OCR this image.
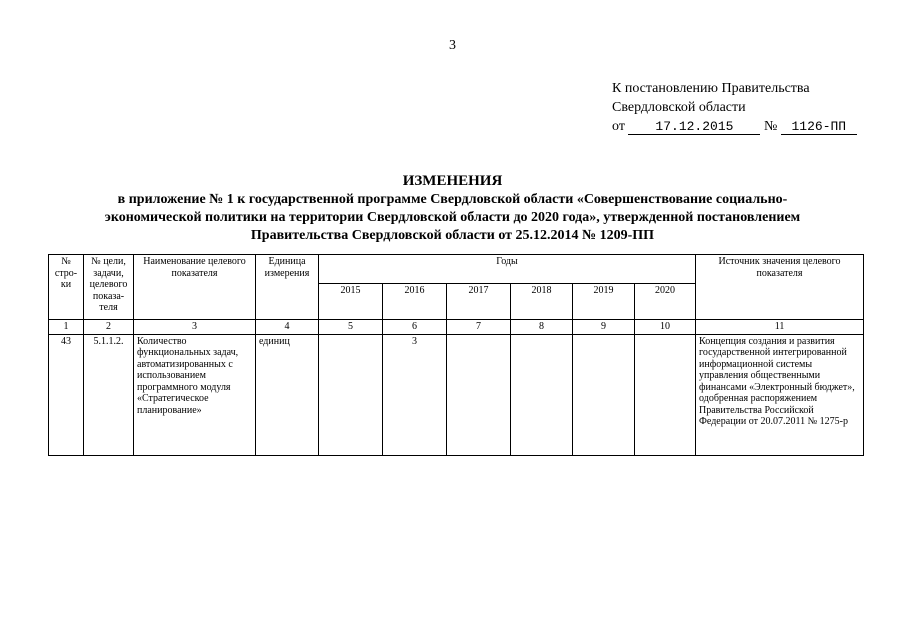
3
К постановлению Правительства
Свердловской области
от 17.12.2015 № 1126-ПП
ИЗМЕНЕНИЯ
в приложение № 1 к государственной программе Свердловской области «Совершенствование социально-
экономической политики на территории Свердловской области до 2020 года», утвержденной постановлением
Правительства Свердловской области от 25.12.2014 № 1209-ПП
№ стро-ки	№ цели, задачи, целевого показа-теля	Наименование целевого показателя	Единица измерения	Годы						Источник значения целевого показателя
				2015	2016	2017	2018	2019	2020	
1	2	3	4	5	6	7	8	9	10	11
43	5.1.1.2.	Количество функциональных задач, автоматизированных с использованием программного модуля «Стратегическое планирование»	единиц		3					Концепция создания и развития государственной интегрированной информационной системы управления общественными финансами «Электронный бюджет», одобренная распоряжением Правительства Российской Федерации от 20.07.2011 № 1275-р
